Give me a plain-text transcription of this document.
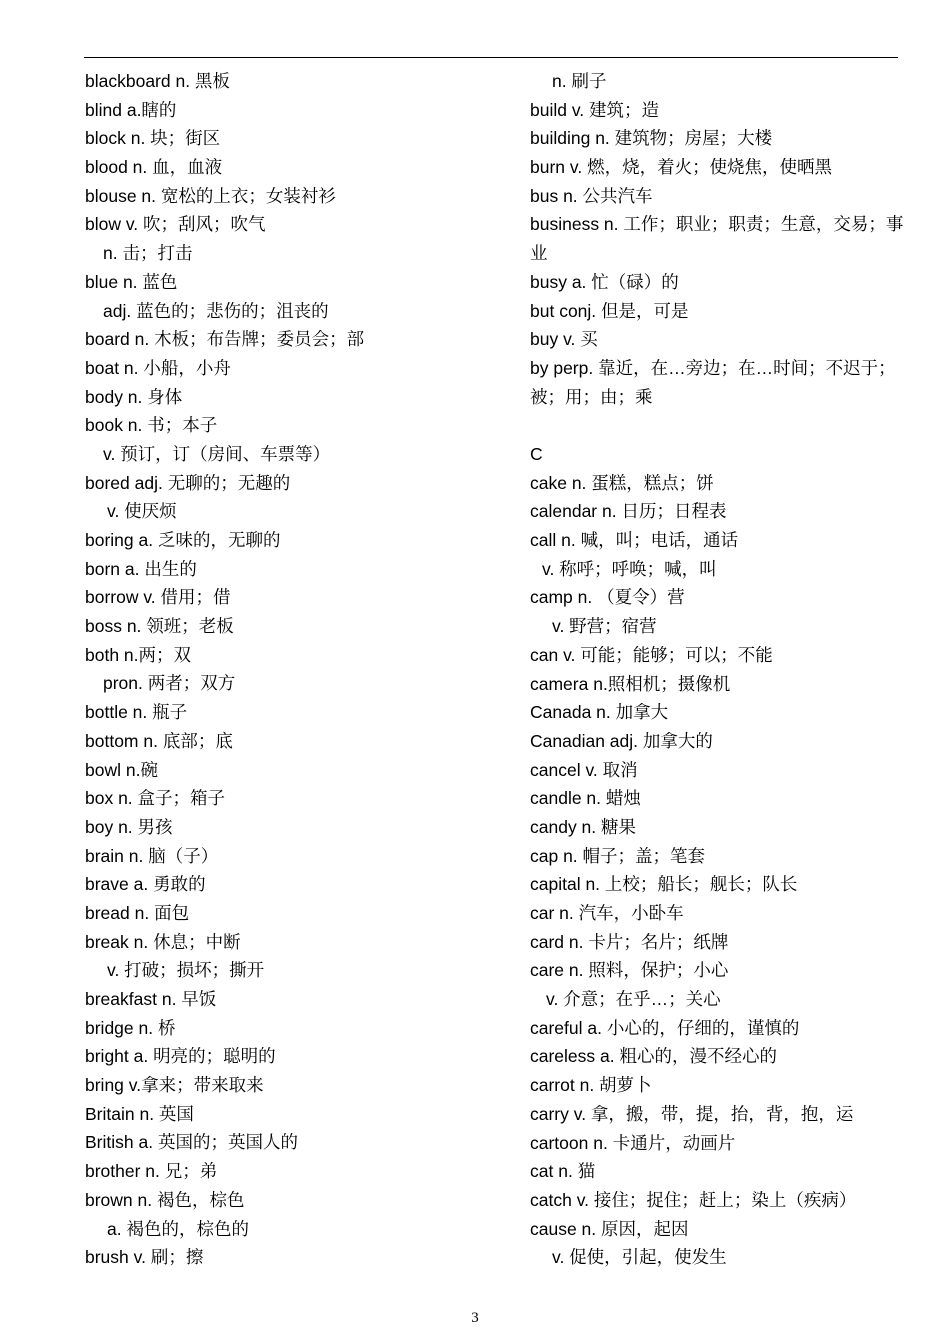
blackboard n. 黑板
blind a.瞎的
block n. 块；街区
blood n. 血，血液
blouse n. 宽松的上衣；女装衬衫
blow v. 吹；刮风；吹气
n. 击；打击
blue n. 蓝色
adj. 蓝色的；悲伤的；沮丧的
board n. 木板；布告牌；委员会；部
boat n. 小船，小舟
body n. 身体
book n. 书；本子
v. 预订，订（房间、车票等）
bored adj. 无聊的；无趣的
v. 使厌烦
boring a. 乏味的，无聊的
born a. 出生的
borrow v. 借用；借
boss n. 领班；老板
both n.两；双
pron. 两者；双方
bottle n. 瓶子
bottom n. 底部；底
bowl n.碗
box n. 盒子；箱子
boy n. 男孩
brain n. 脑（子）
brave a. 勇敢的
bread n. 面包
break n. 休息；中断
v. 打破；损坏；撕开
breakfast n. 早饭
bridge n. 桥
bright a. 明亮的；聪明的
bring v.拿来；带来取来
Britain n. 英国
British a. 英国的；英国人的
brother n. 兄；弟
brown n. 褐色，棕色
a. 褐色的，棕色的
brush v. 刷；擦
n. 刷子
build v. 建筑；造
building n. 建筑物；房屋；大楼
burn v. 燃，烧，着火；使烧焦，使晒黑
bus n. 公共汽车
business n. 工作；职业；职责；生意，交易；事业
busy a. 忙（碌）的
but conj. 但是，可是
buy v. 买
by perp. 靠近，在…旁边；在…时间；不迟于；被；用；由；乘
C
cake n. 蛋糕，糕点；饼
calendar n. 日历；日程表
call n. 喊，叫；电话，通话
v. 称呼；呼唤；喊，叫
camp n. （夏令）营
v. 野营；宿营
can v. 可能；能够；可以；不能
camera n.照相机；摄像机
Canada n. 加拿大
Canadian adj. 加拿大的
cancel v. 取消
candle n. 蜡烛
candy n. 糖果
cap n. 帽子；盖；笔套
capital n. 上校；船长；舰长；队长
car n. 汽车，小卧车
card n. 卡片；名片；纸牌
care n. 照料，保护；小心
v. 介意；在乎…；关心
careful a. 小心的，仔细的，谨慎的
careless a. 粗心的，漫不经心的
carrot n. 胡萝卜
carry v. 拿，搬，带，提，抬，背，抱，运
cartoon n. 卡通片，动画片
cat n. 猫
catch v. 接住；捉住；赶上；染上（疾病）
cause n. 原因，起因
v. 促使，引起，使发生
3
